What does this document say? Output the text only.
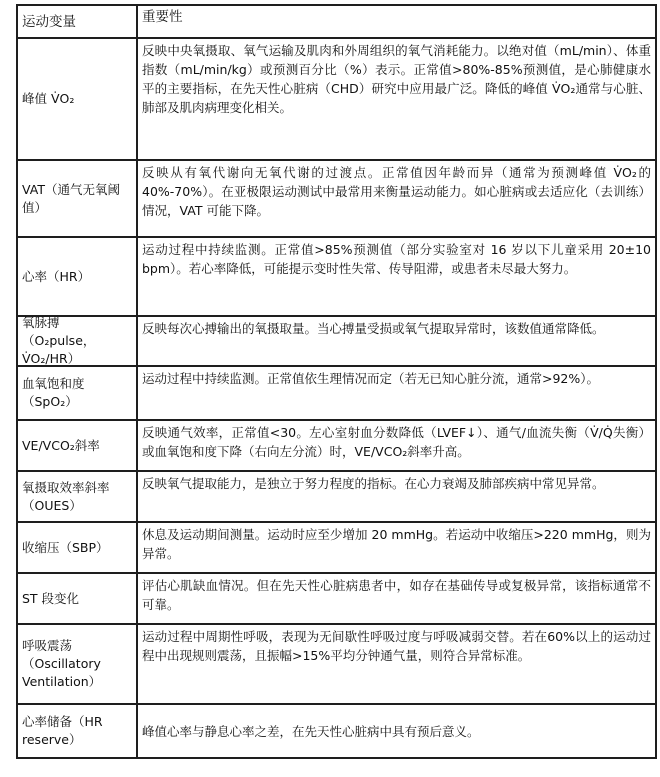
运动变量	重要性
峰值 V̇O₂
反映中央氧摄取、氧气运输及肌肉和外周组织的氧气消耗能力。以绝对值（mL/min）、体重指数（mL/min/kg）或预测百分比（%）表示。正常值>80%-85%预测值，是心肺健康水平的主要指标，在先天性心脏病（CHD）研究中应用最广泛。降低的峰值 V̇O₂通常与心脏、肺部及肌肉病理变化相关。
VAT（通气无氧阈值）
反映从有氧代谢向无氧代谢的过渡点。正常值因年龄而异（通常为预测峰值 V̇O₂的 40%-70%）。在亚极限运动测试中最常用来衡量运动能力。如心脏病或去适应化（去训练）情况，VAT 可能下降。
心率（HR）
运动过程中持续监测。正常值>85%预测值（部分实验室对 16 岁以下儿童采用 20±10 bpm）。若心率降低，可能提示变时性失常、传导阻滞，或患者未尽最大努力。
氧脉搏（O₂pulse，V̇O₂/HR）
反映每次心搏输出的氧摄取量。当心搏量受损或氧气提取异常时，该数值通常降低。
血氧饱和度（SpO₂）
运动过程中持续监测。正常值依生理情况而定（若无已知心脏分流，通常>92%）。
VE/VCO₂斜率
反映通气效率，正常值<30。左心室射血分数降低（LVEF↓）、通气/血流失衡（V̇/Q̇失衡）或血氧饱和度下降（右向左分流）时，VE/VCO₂斜率升高。
氧摄取效率斜率（OUES）
反映氧气提取能力，是独立于努力程度的指标。在心力衰竭及肺部疾病中常见异常。
收缩压（SBP）
休息及运动期间测量。运动时应至少增加 20 mmHg。若运动中收缩压>220 mmHg，则为异常。
ST 段变化
评估心肌缺血情况。但在先天性心脏病患者中，如存在基础传导或复极异常，该指标通常不可靠。
呼吸震荡（Oscillatory Ventilation）
运动过程中周期性呼吸，表现为无间歇性呼吸过度与呼吸减弱交替。若在60%以上的运动过程中出现规则震荡，且振幅>15%平均分钟通气量，则符合异常标准。
心率储备（HR reserve）
峰值心率与静息心率之差，在先天性心脏病中具有预后意义。
